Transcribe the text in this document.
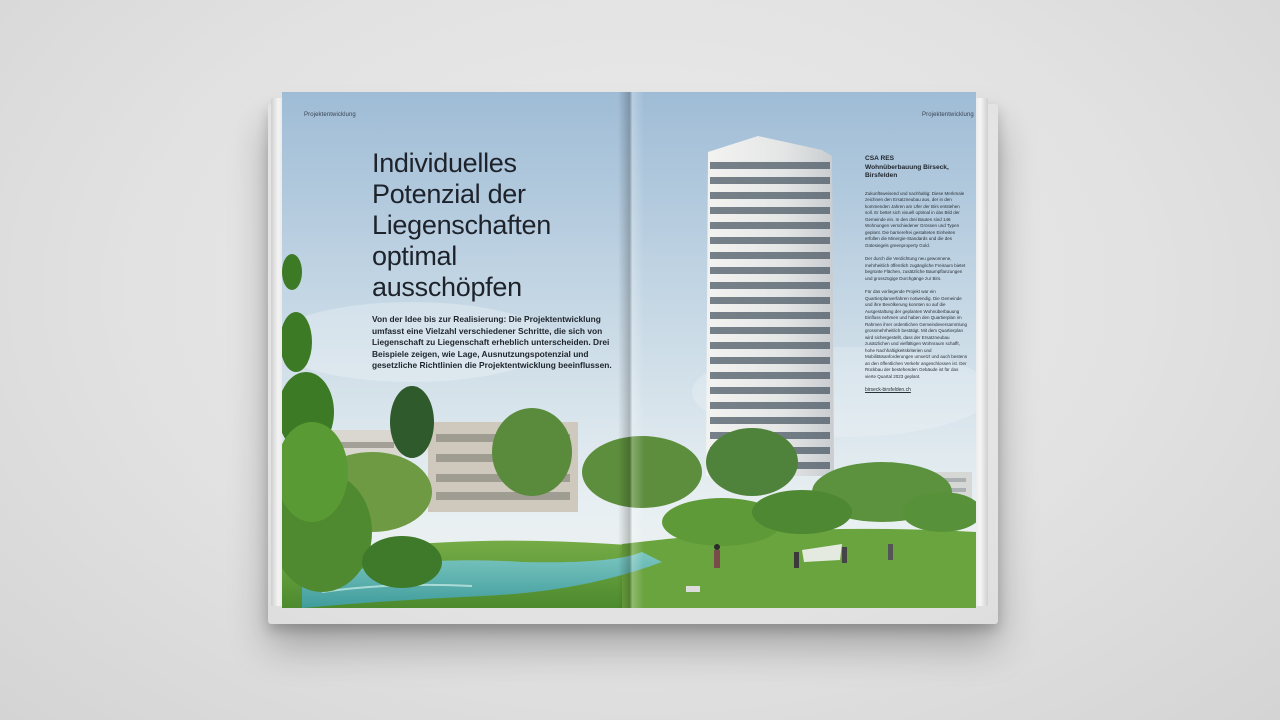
Projektentwicklung	Projektentwicklung
Individuelles
Potenzial der
Liegenschaften
optimal
ausschöpfen
Von der Idee bis zur Realisierung: Die Projektentwicklung umfasst eine Vielzahl verschiedener Schritte, die sich von Liegenschaft zu Liegenschaft erheblich unterscheiden. Drei Beispiele zeigen, wie Lage, Ausnutzungspotenzial und gesetzliche Richtlinien die Projektentwicklung beeinflussen.
CSA RES
Wohnüberbauung Birseck,
Birsfelden
Zukunftsweisend und nachhaltig: Diese Merkmale zeichnen den Ersatzneubau aus, der in den kommenden Jahren am Ufer der Birs entstehen soll. Er bettet sich visuell optimal in das Bild der Gemeinde ein. In den drei Bauten sind 146 Wohnungen verschiedener Grössen und Typen geplant. Die barrierefrei gestalteten Einheiten erfüllen die Minergie-Standards und die des Gütesiegels greenproperty Gold.
Der durch die Verdichtung neu gewonnene, mehrheitlich öffentlich zugängliche Freiraum bietet begrünte Flächen, zusätzliche Baumpflanzungen und grosszügige Durchgänge zur Birs.
Für das vorliegende Projekt war ein Quartierplanverfahren notwendig. Die Gemeinde und ihre Bevölkerung konnten so auf die Ausgestaltung der geplanten Wohnüberbauung Einfluss nehmen und haben den Quartierplan im Rahmen ihrer ordentlichen Gemeindeversammlung grossmehrheitlich bestätigt. Mit dem Quartierplan wird sichergestellt, dass der Ersatzneubau zusätzlichen und vielfältigen Wohnraum schafft, hohe Nachhaltigkeitskriterien und Mobilitätsanforderungen umsetzt und auch bestens an den öffentlichen Verkehr angeschlossen ist. Der Rückbau der bestehenden Gebäude ist für das vierte Quartal 2023 geplant.
birseck-birsfelden.ch
